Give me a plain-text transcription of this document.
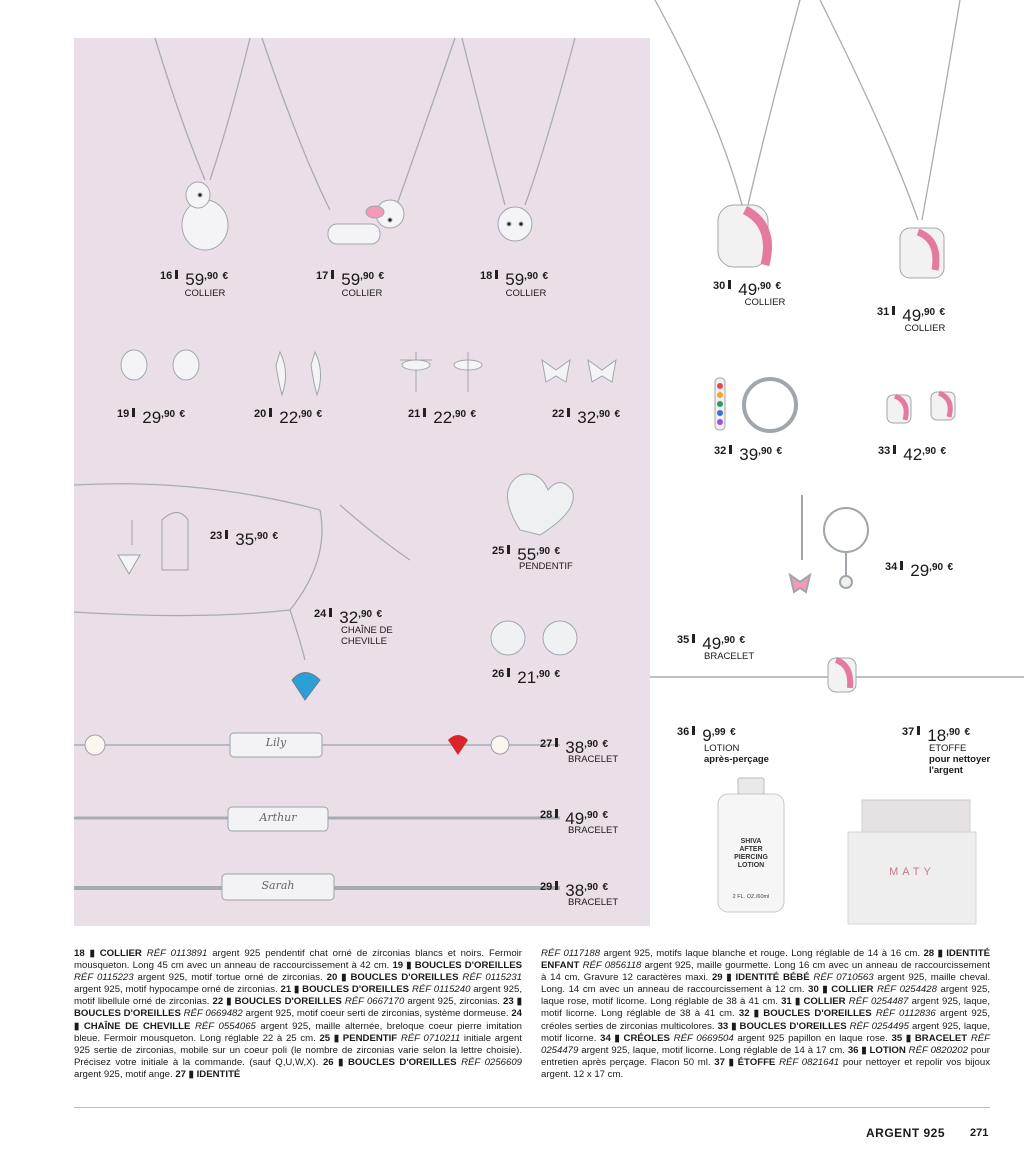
Lily
Arthur
Sarah
SHIVA
AFTER
PIERCING
LOTION
2 FL. OZ./60ml
MATY
$^{16}$ $59^{,90}$ €
COLLIER
$^{17}$ $59^{,90}$ €
COLLIER
$^{18}$ $59^{,90}$ €
COLLIER
$^{19}$ $29^{,90}$ €	$^{20}$ $22^{,90}$ €	$^{21}$ $22^{,90}$ €	$^{22}$ $32^{,90}$ €
$^{23}$ $35^{,90}$ €
$^{24}$ $32^{,90}$ €
CHAÎNE DE
CHEVILLE
$^{25}$ $55^{,90}$ €
PENDENTIF
$^{26}$ $21^{,90}$ €
$^{27}$ $38^{,90}$ €
BRACELET
$^{28}$ $49^{,90}$ €
BRACELET
$^{29}$ $38^{,90}$ €
BRACELET
$^{30}$ $49^{,90}$ €
COLLIER
$^{31}$ $49^{,90}$ €
COLLIER
$^{32}$ $39^{,90}$ €	$^{33}$ $42^{,90}$ €
$^{34}$ $29^{,90}$ €
$^{35}$ $49^{,90}$ €
BRACELET
$^{36}$ $9^{,99}$ €
LOTION
après-perçage
$^{37}$ $18^{,90}$ €
ETOFFE
pour nettoyer
l'argent
18 ▮ COLLIER RÉF 0113891 argent 925 pendentif chat orné de zirconias blancs et noirs. Fermoir mousqueton. Long 45 cm avec un anneau de raccourcissement à 42 cm. 19 ▮ BOUCLES D'OREILLES RÉF 0115223 argent 925, motif tortue orné de zirconias. 20 ▮ BOUCLES D'OREILLES RÉF 0115231 argent 925, motif hypocampe orné de zirconias. 21 ▮ BOUCLES D'OREILLES RÉF 0115240 argent 925, motif libellule orné de zirconias. 22 ▮ BOUCLES D'OREILLES RÉF 0667170 argent 925, zirconias. 23 ▮ BOUCLES D'OREILLES RÉF 0669482 argent 925, motif coeur serti de zirconias, système dormeuse. 24 ▮ CHAÎNE DE CHEVILLE RÉF 0554065 argent 925, maille alternée, breloque coeur pierre imitation bleue. Fermoir mousqueton. Long réglable 22 à 25 cm. 25 ▮ PENDENTIF RÉF 0710211 initiale argent 925 sertie de zirconias, mobile sur un coeur poli (le nombre de zirconias varie selon la lettre choisie). Précisez votre initiale à la commande. (sauf Q,U,W,X). 26 ▮ BOUCLES D'OREILLES RÉF 0256609 argent 925, motif ange. 27 ▮ IDENTITÉ
RÉF 0117188 argent 925, motifs laque blanche et rouge. Long réglable de 14 à 16 cm. 28 ▮ IDENTITÉ ENFANT RÉF 0856118 argent 925, maille gourmette. Long 16 cm avec un anneau de raccourcissement à 14 cm. Gravure 12 caractères maxi. 29 ▮ IDENTITÉ BÉBÉ RÉF 0710563 argent 925, maille cheval. Long. 14 cm avec un anneau de raccourcissement à 12 cm. 30 ▮ COLLIER RÉF 0254428 argent 925, laque rose, motif licorne. Long réglable de 38 à 41 cm. 31 ▮ COLLIER RÉF 0254487 argent 925, laque, motif licorne. Long réglable de 38 à 41 cm. 32 ▮ BOUCLES D'OREILLES RÉF 0112836 argent 925, créoles serties de zirconias multicolores. 33 ▮ BOUCLES D'OREILLES RÉF 0254495 argent 925, laque, motif licorne. 34 ▮ CRÉOLES RÉF 0669504 argent 925 papillon en laque rose. 35 ▮ BRACELET RÉF 0254479 argent 925, laque, motif licorne. Long réglable de 14 à 17 cm. 36 ▮ LOTION RÉF 0820202 pour entretien après perçage. Flacon 50 ml. 37 ▮ ÉTOFFE RÉF 0821641 pour nettoyer et repolir vos bijoux argent. 12 x 17 cm.
ARGENT 925 271
